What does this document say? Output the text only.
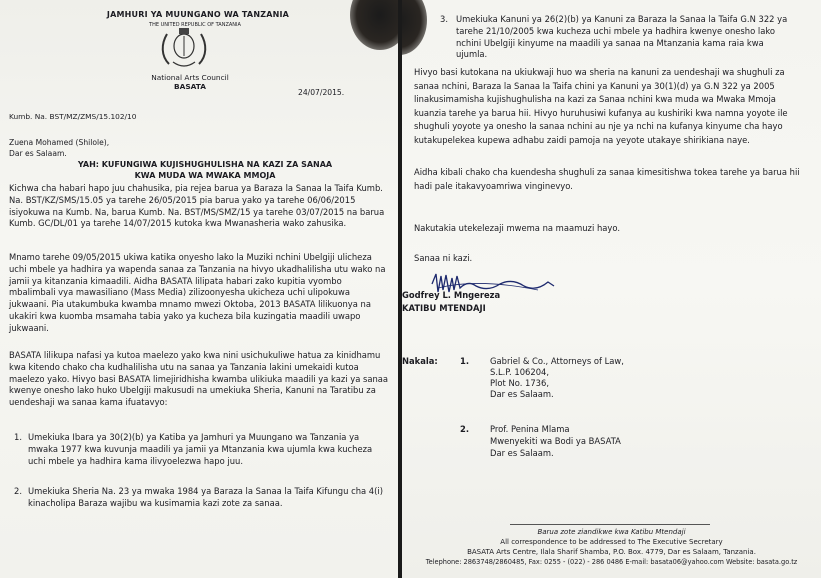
JAMHURI YA MUUNGANO WA TANZANIA
THE UNITED REPUBLIC OF TANZANIA
National Arts Council
BASATA
24/07/2015.
Kumb. Na. BST/MZ/ZMS/15.102/10
Zuena Mohamed (Shilole),
Dar es Salaam.
YAH: KUFUNGIWA KUJISHUGHULISHA NA KAZI ZA SANAA
KWA MUDA WA MWAKA MMOJA
Kichwa cha habari hapo juu chahusika, pia rejea barua ya Baraza la Sanaa la Taifa Kumb. Na. BST/KZ/SMS/15.05 ya tarehe 26/05/2015 pia barua yako ya tarehe 06/06/2015 isiyokuwa na Kumb. Na, barua Kumb. Na. BST/MS/SMZ/15 ya tarehe 03/07/2015 na barua Kumb. GC/DL/01 ya tarehe 14/07/2015 kutoka kwa Mwanasheria wako zahusika.
Mnamo tarehe 09/05/2015 ukiwa katika onyesho lako la Muziki nchini Ubelgiji ulicheza uchi mbele ya hadhira ya wapenda sanaa za Tanzania na hivyo ukadhalilisha utu wako na jamii ya kitanzania kimaadili. Aidha BASATA lilipata habari zako kupitia vyombo mbalimbali vya mawasiliano (Mass Media) zilizoonyesha ukicheza uchi ulipokuwa jukwaani. Pia utakumbuka kwamba mnamo mwezi Oktoba, 2013 BASATA lilikuonya na ukakiri kwa kuomba msamaha tabia yako ya kucheza bila kuzingatia maadili uwapo jukwaani.
BASATA lilikupa nafasi ya kutoa maelezo yako kwa nini usichukuliwe hatua za kinidhamu kwa kitendo chako cha kudhalilisha utu na sanaa ya Tanzania lakini umekaidi kutoa maelezo yako. Hivyo basi BASATA limejiridhisha kwamba ulikiuka maadili ya kazi ya sanaa kwenye onesho lako huko Ubelgiji makusudi na umekiuka Sheria, Kanuni na Taratibu za uendeshaji wa sanaa kama ifuatavyo:
1. Umekiuka Ibara ya 30(2)(b) ya Katiba ya Jamhuri ya Muungano wa Tanzania ya mwaka 1977 kwa kuvunja maadili ya jamii ya Mtanzania kwa ujumla kwa kucheza uchi mbele ya hadhira kama ilivyoelezwa hapo juu.
2. Umekiuka Sheria Na. 23 ya mwaka 1984 ya Baraza la Sanaa la Taifa Kifungu cha 4(i) kinacholipa Baraza wajibu wa kusimamia kazi zote za sanaa.
3. Umekiuka Kanuni ya 26(2)(b) ya Kanuni za Baraza la Sanaa la Taifa G.N 322 ya tarehe 21/10/2005 kwa kucheza uchi mbele ya hadhira kwenye onesho lako nchini Ubelgiji kinyume na maadili ya sanaa na Mtanzania kama raia kwa ujumla.
Hivyo basi kutokana na ukiukwaji huo wa sheria na kanuni za uendeshaji wa shughuli za sanaa nchini, Baraza la Sanaa la Taifa chini ya Kanuni ya 30(1)(d) ya G.N 322 ya 2005 linakusimamisha kujishughulisha na kazi za Sanaa nchini kwa muda wa Mwaka Mmoja kuanzia tarehe ya barua hii. Hivyo huruhusiwi kufanya au kushiriki kwa namna yoyote ile shughuli yoyote ya onesho la sanaa nchini au nje ya nchi na kufanya kinyume cha hayo kutakupelekea kupewa adhabu zaidi pamoja na yeyote utakaye shirikiana naye.
Aidha kibali chako cha kuendesha shughuli za sanaa kimesitishwa tokea tarehe ya barua hii hadi pale itakavyoamriwa vinginevyo.
Nakutakia utekelezaji mwema na maamuzi hayo.
Sanaa ni kazi.
Godfrey L. Mngereza
KATIBU MTENDAJI
Nakala:	1. Gabriel & Co., Attorneys of Law,
S.L.P. 106204,
Plot No. 1736,
Dar es Salaam.
2. Prof. Penina Mlama
Mwenyekiti wa Bodi ya BASATA
Dar es Salaam.
Barua zote ziandikwe kwa Katibu Mtendaji
All correspondence to be addressed to The Executive Secretary
BASATA Arts Centre, Ilala Sharif Shamba, P.O. Box. 4779, Dar es Salaam, Tanzania.
Telephone: 2863748/2860485, Fax: 0255 - (022) - 286 0486 E-mail: basata06@yahoo.com Website: basata.go.tz
